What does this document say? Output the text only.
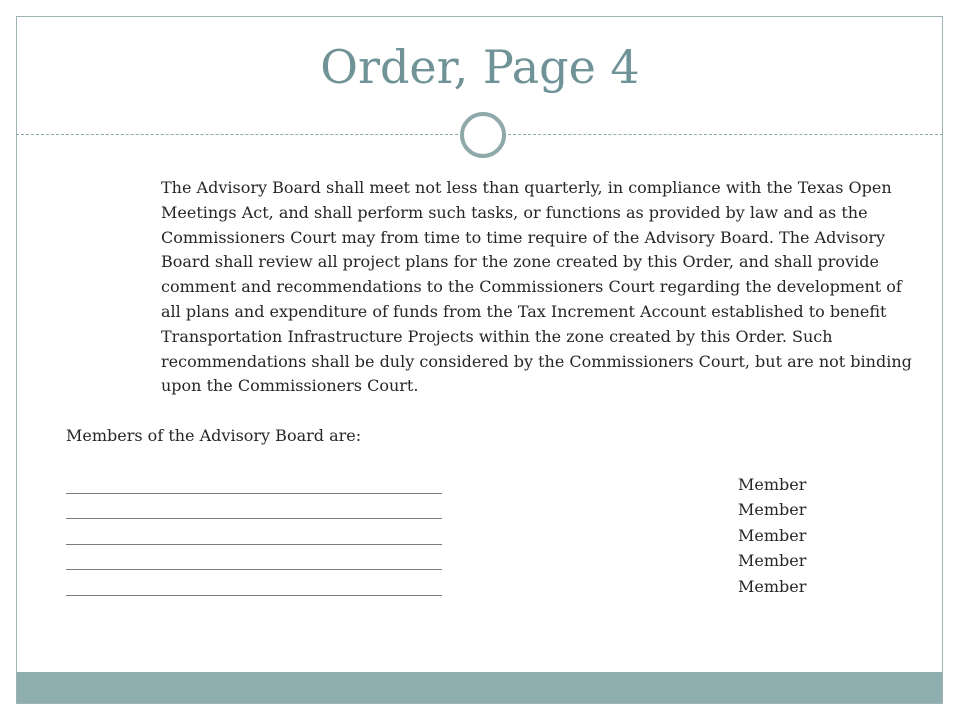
Order, Page 4

The Advisory Board shall meet not less than quarterly, in compliance with the Texas Open Meetings Act, and shall perform such tasks, or functions as provided by law and as the Commissioners Court may from time to time require of the Advisory Board. The Advisory Board shall review all project plans for the zone created by this Order, and shall provide comment and recommendations to the Commissioners Court regarding the development of all plans and expenditure of funds from the Tax Increment Account established to benefit Transportation Infrastructure Projects within the zone created by this Order. Such recommendations shall be duly considered by the Commissioners Court, but are not binding upon the Commissioners Court.

Members of the Advisory Board are:

_______________________________________________	Member
_______________________________________________	Member
_______________________________________________	Member
_______________________________________________	Member
_______________________________________________	Member
